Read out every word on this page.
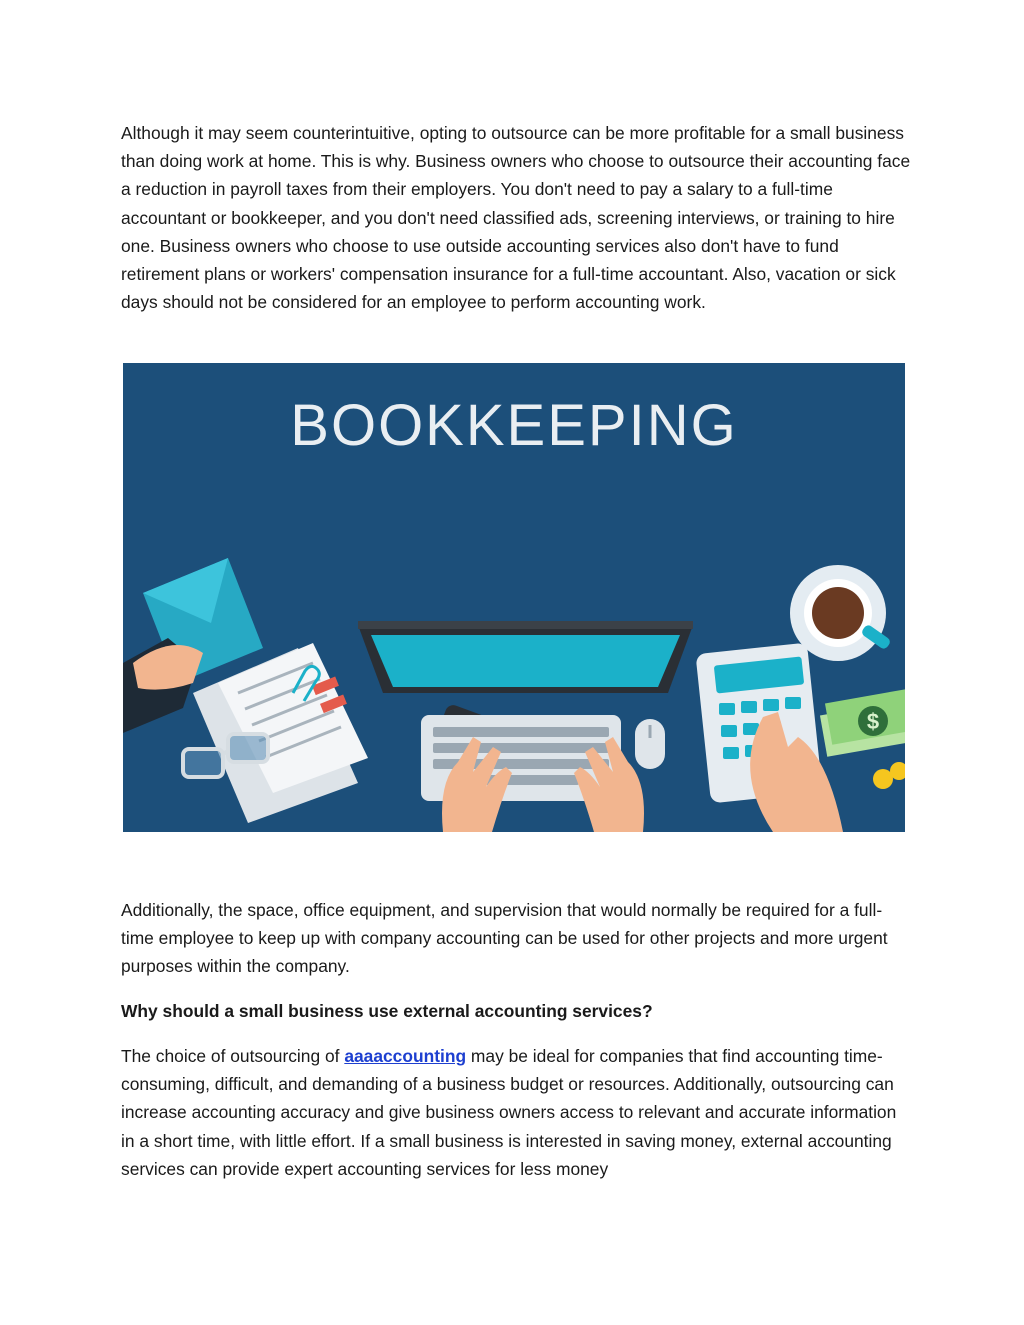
Although it may seem counterintuitive, opting to outsource can be more profitable for a small business than doing work at home. This is why. Business owners who choose to outsource their accounting face a reduction in payroll taxes from their employers. You don't need to pay a salary to a full-time accountant or bookkeeper, and you don't need classified ads, screening interviews, or training to hire one. Business owners who choose to use outside accounting services also don't have to fund retirement plans or workers' compensation insurance for a full-time accountant. Also, vacation or sick days should not be considered for an employee to perform accounting work.

BOOKKEEPING
$

Additionally, the space, office equipment, and supervision that would normally be required for a full-time employee to keep up with company accounting can be used for other projects and more urgent purposes within the company.

Why should a small business use external accounting services?

The choice of outsourcing of aaaaccounting may be ideal for companies that find accounting time-consuming, difficult, and demanding of a business budget or resources. Additionally, outsourcing can increase accounting accuracy and give business owners access to relevant and accurate information in a short time, with little effort. If a small business is interested in saving money, external accounting services can provide expert accounting services for less money
